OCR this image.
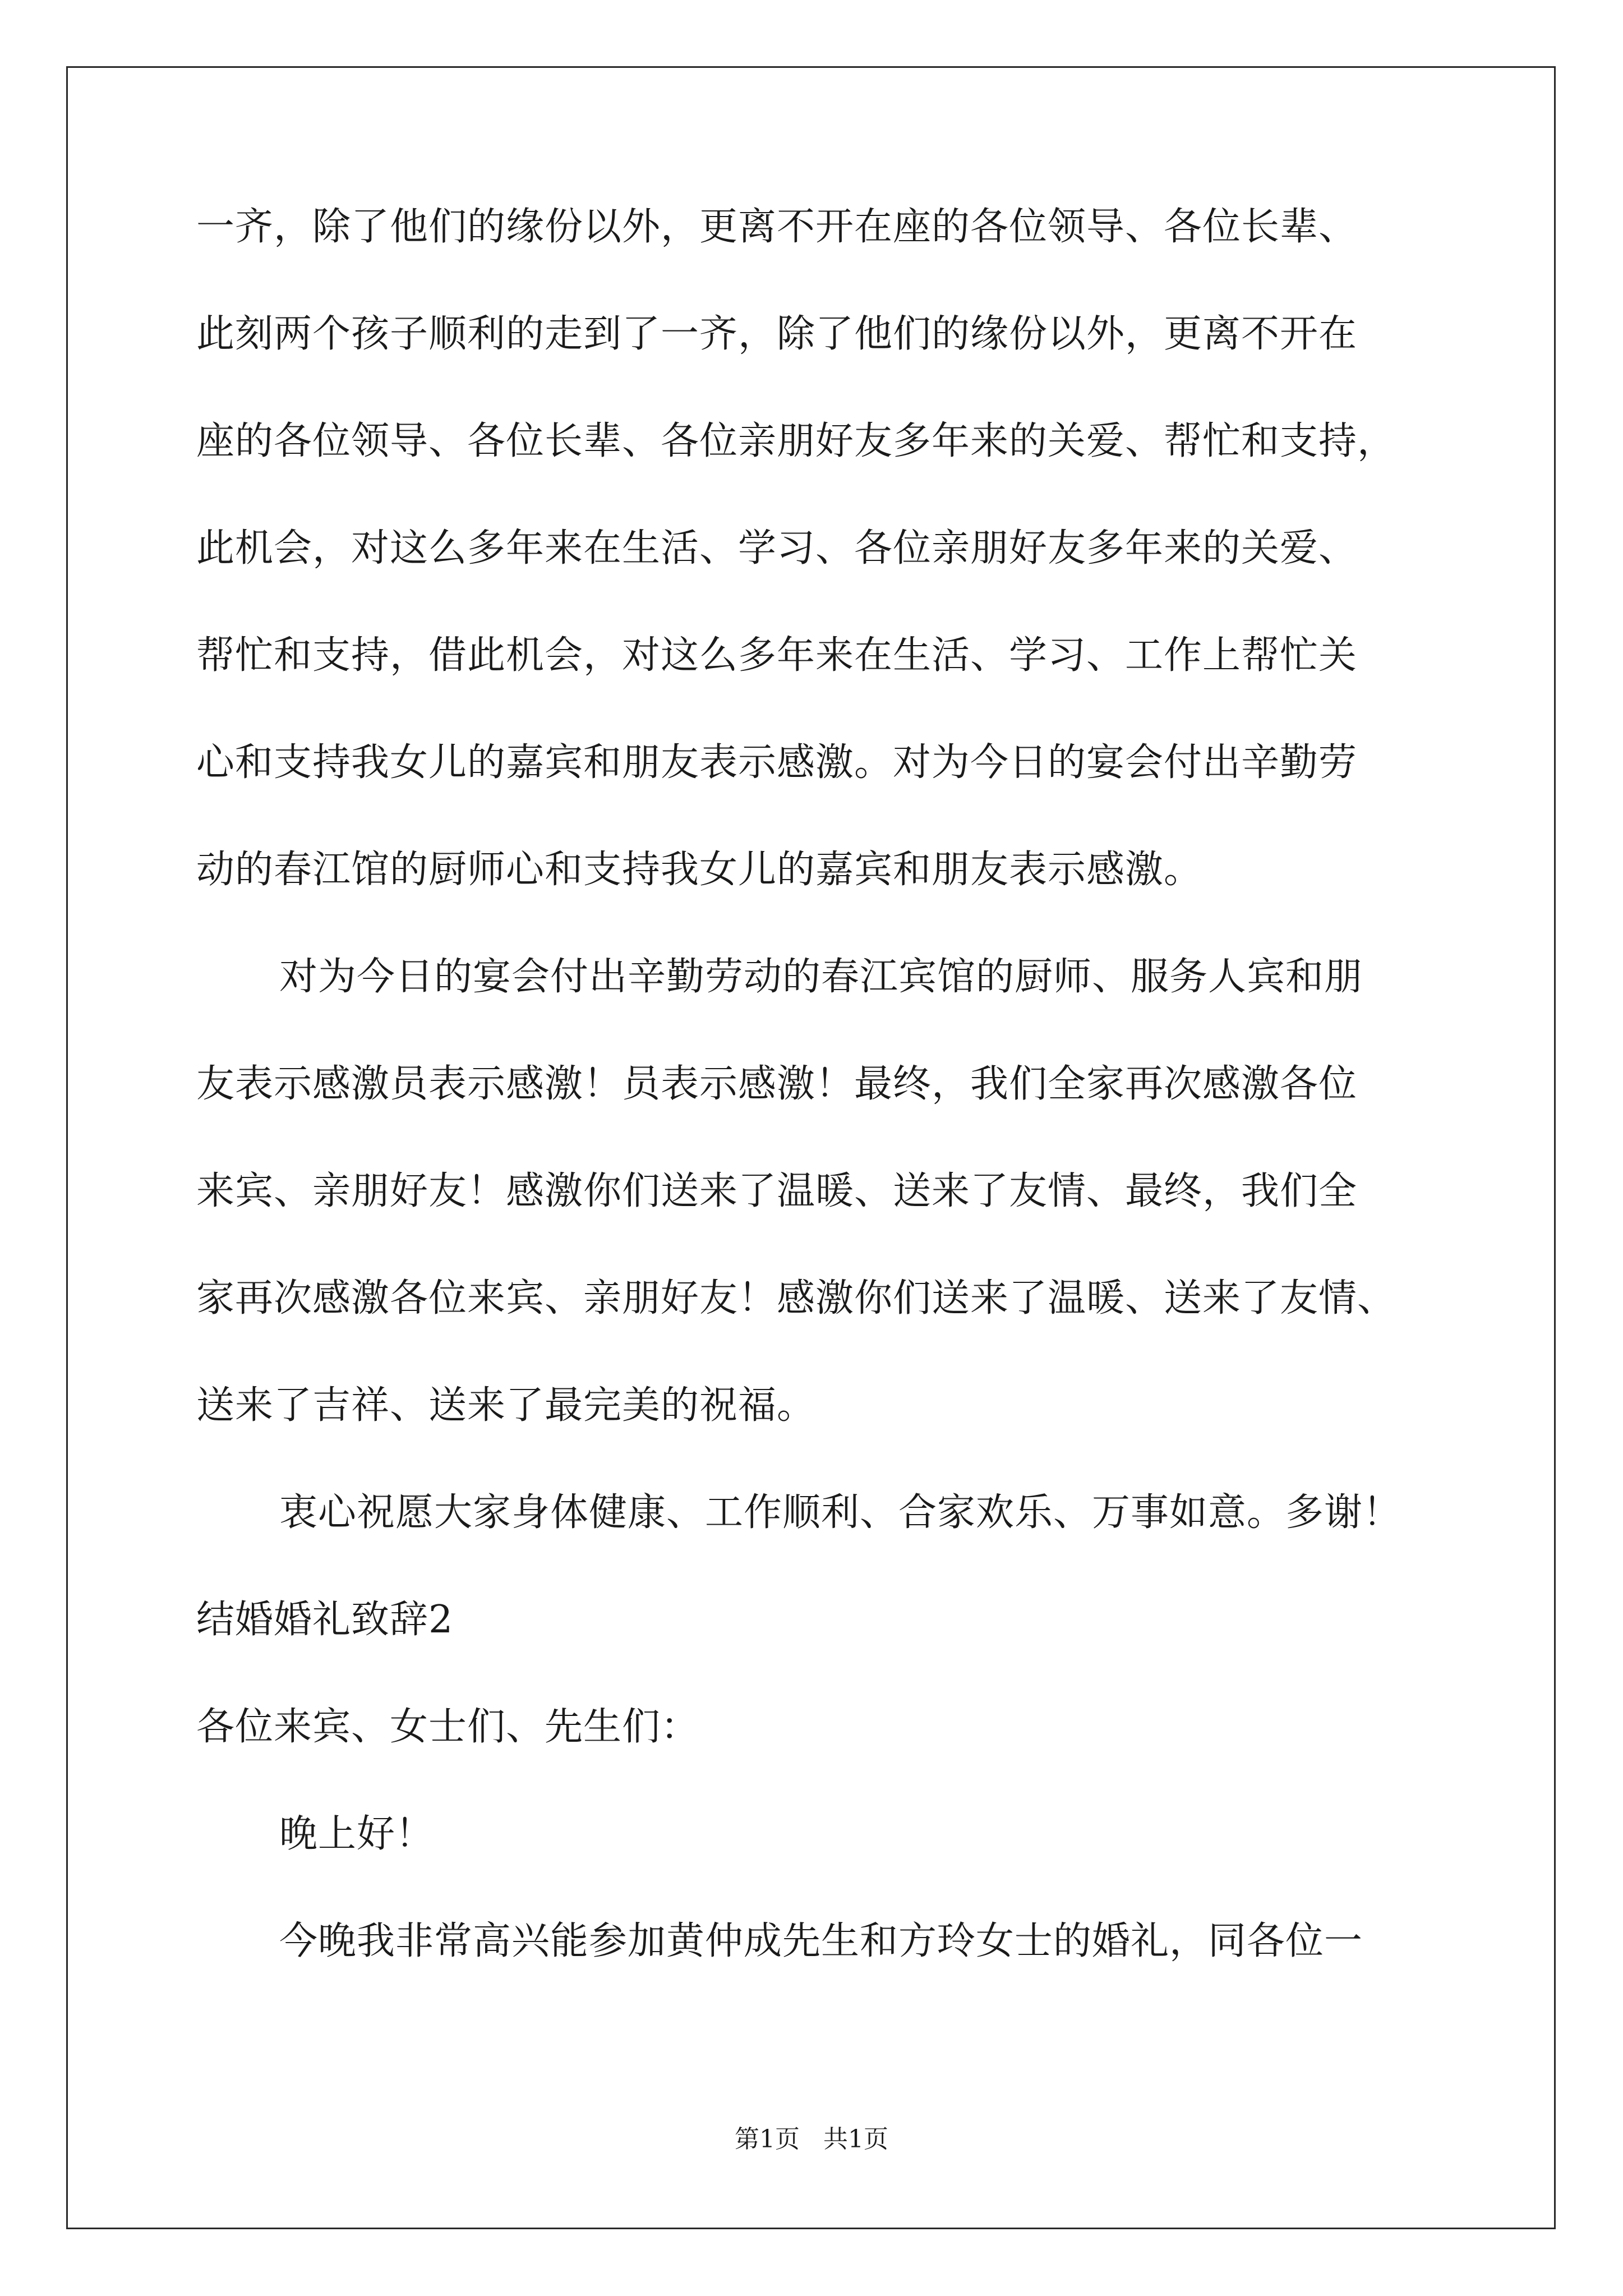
一齐，除了他们的缘份以外，更离不开在座的各位领导、各位长辈、
此刻两个孩子顺利的走到了一齐，除了他们的缘份以外，更离不开在
座的各位领导、各位长辈、各位亲朋好友多年来的关爱、帮忙和支持，
此机会，对这么多年来在生活、学习、各位亲朋好友多年来的关爱、
帮忙和支持，借此机会，对这么多年来在生活、学习、工作上帮忙关
心和支持我女儿的嘉宾和朋友表示感激。对为今日的宴会付出辛勤劳
动的春江馆的厨师心和支持我女儿的嘉宾和朋友表示感激。
对为今日的宴会付出辛勤劳动的春江宾馆的厨师、服务人宾和朋
友表示感激员表示感激！员表示感激！最终，我们全家再次感激各位
来宾、亲朋好友！感激你们送来了温暖、送来了友情、最终，我们全
家再次感激各位来宾、亲朋好友！感激你们送来了温暖、送来了友情、
送来了吉祥、送来了最完美的祝福。
衷心祝愿大家身体健康、工作顺利、合家欢乐、万事如意。多谢！
结婚婚礼致辞2
各位来宾、女士们、先生们：
晚上好！
今晚我非常高兴能参加黄仲成先生和方玲女士的婚礼，同各位一
第1页 共1页
